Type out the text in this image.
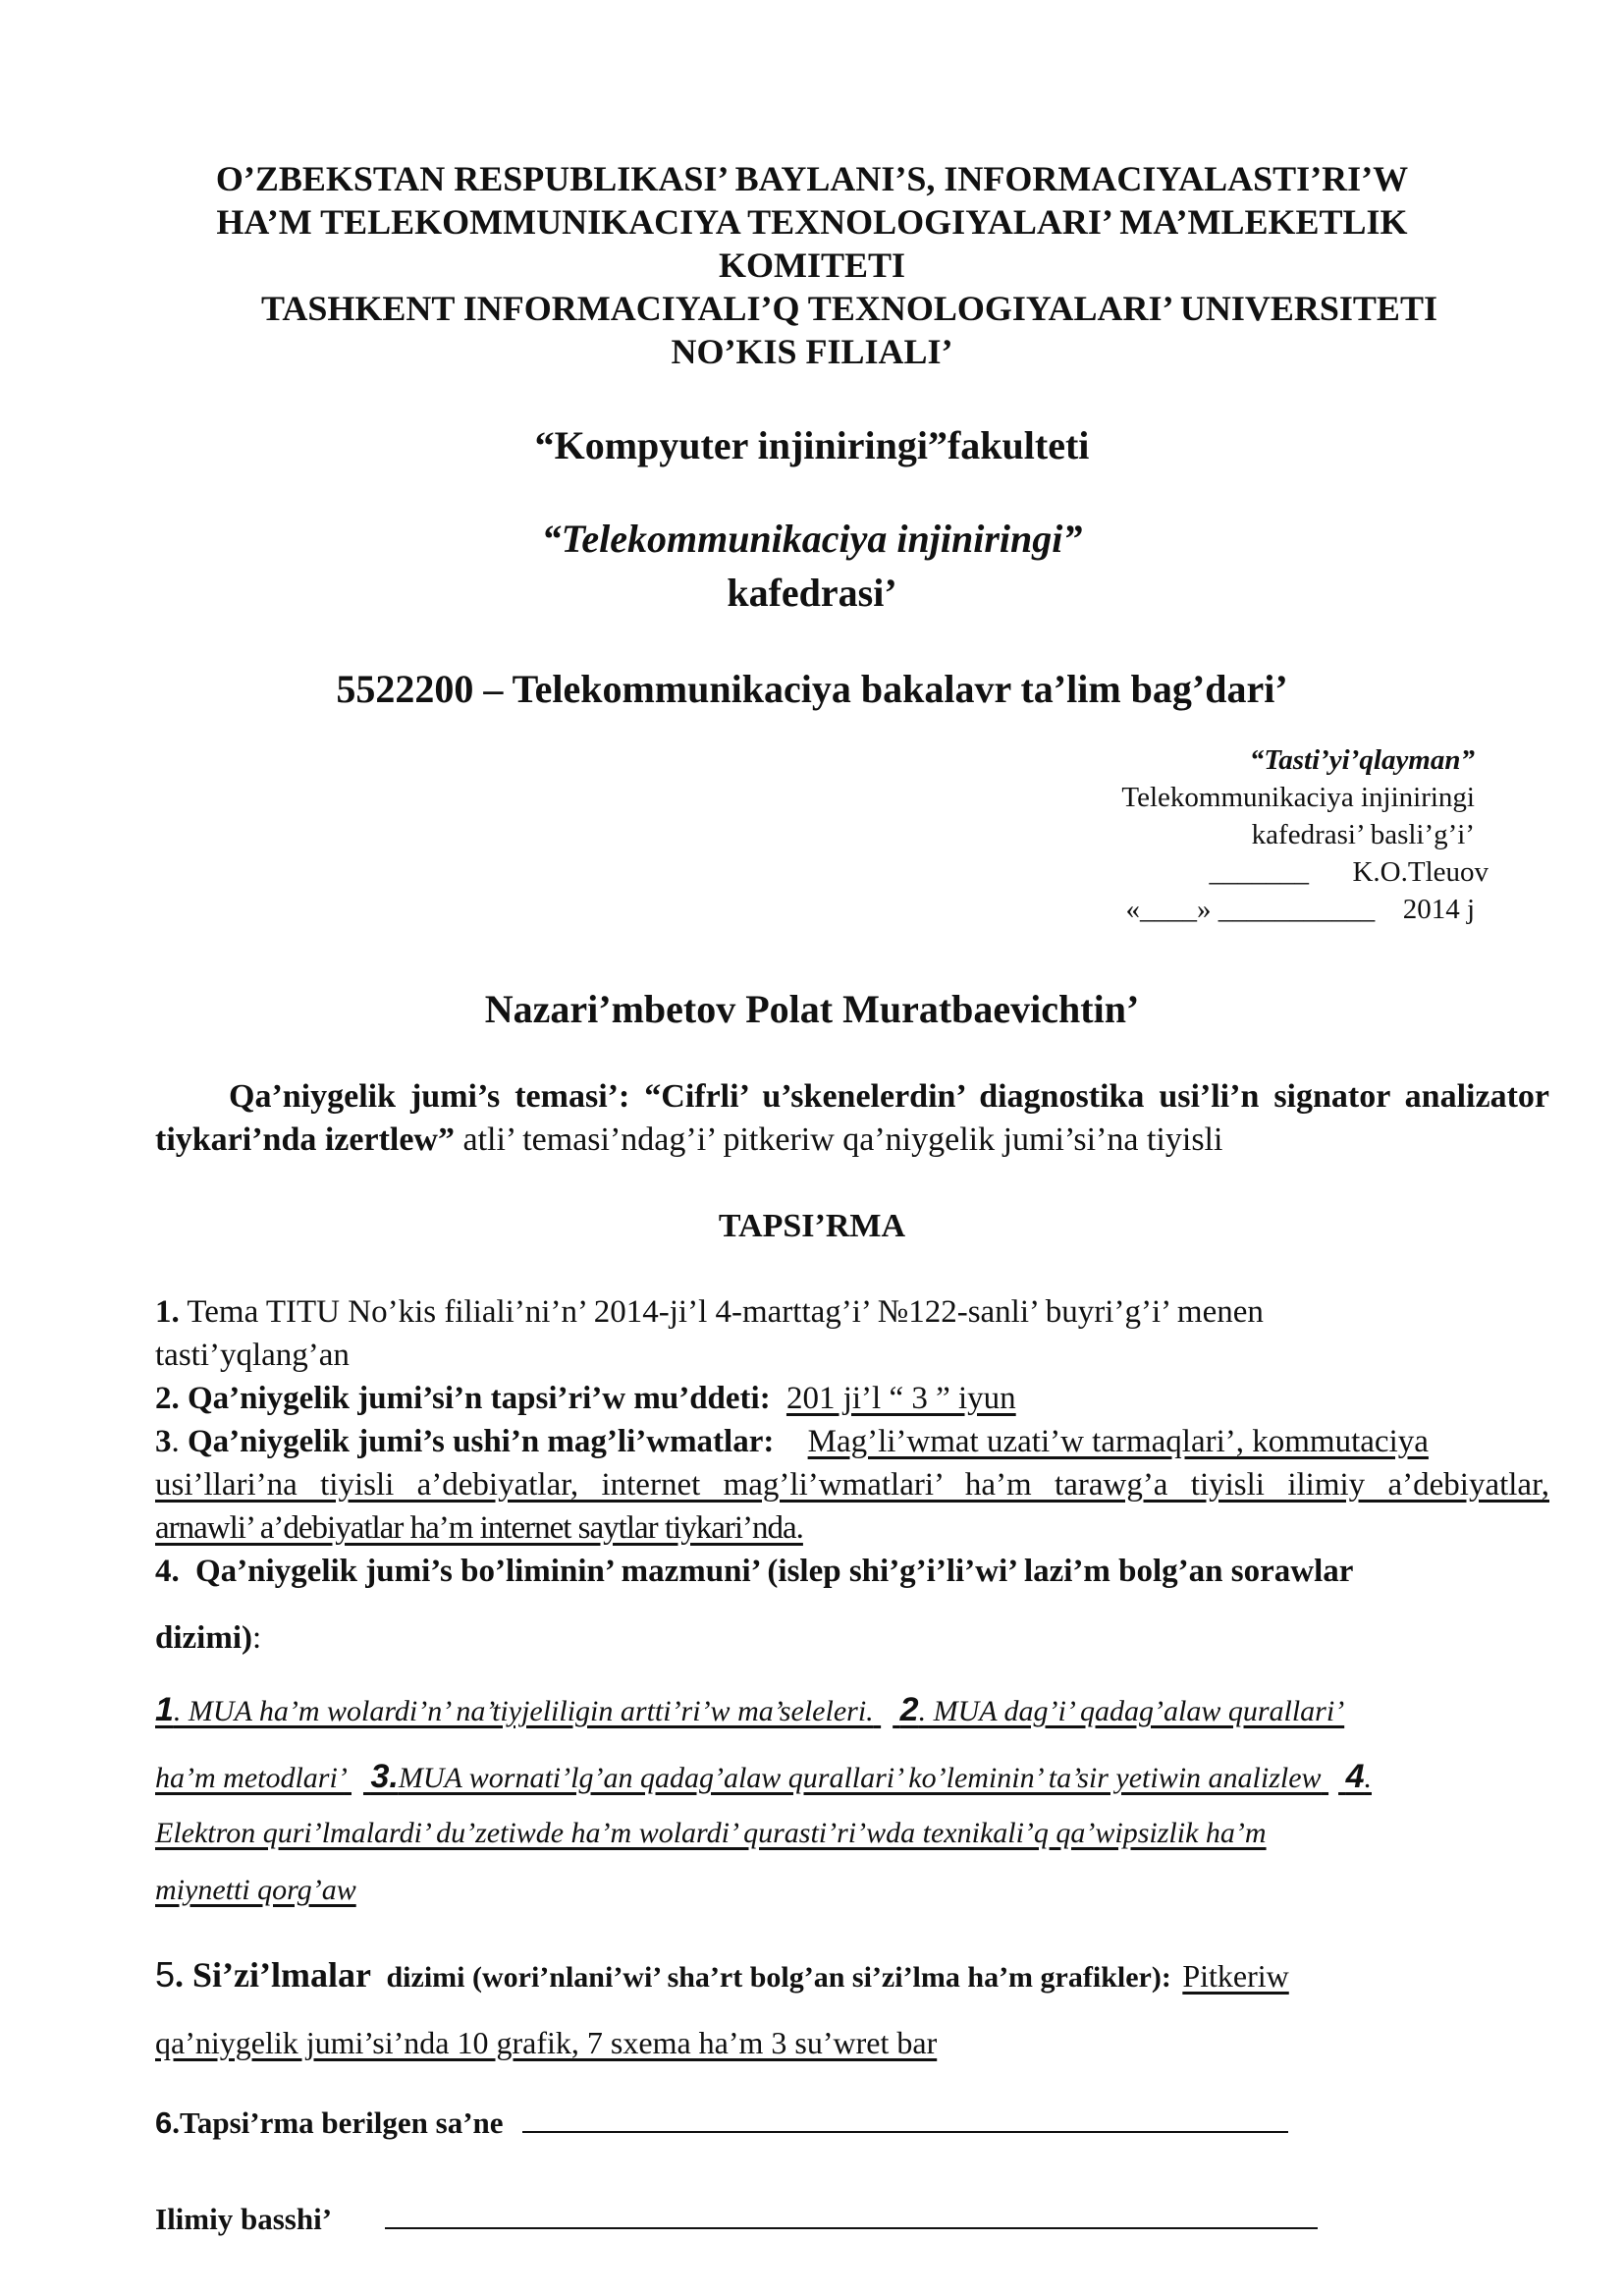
O’ZBEKSTAN RESPUBLIKASI’ BAYLANI’S, INFORMACIYALASTI’RI’W
HA’M TELEKOMMUNIKACIYA TEXNOLOGIYALARI’ MA’MLEKETLIK
KOMITETI
TASHKENT INFORMACIYALI’Q TEXNOLOGIYALARI’ UNIVERSITETI
NO’KIS FILIALI’
“Kompyuter injiniringi”fakulteti
“Telekommunikaciya injiniringi”
kafedrasi’
5522200 – Telekommunikaciya bakalavr ta’lim bag’dari’
“Tasti’yi’qlayman”
Telekommunikaciya injiniringi
kafedrasi’ basli’g’i’
_______ K.O.Tleuov
«____» ___________ 2014 j
Nazari’mbetov Polat Muratbaevichtin’
Qa’niygelik jumi’s temasi’: “Cifrli’ u’skenelerdin’ diagnostika usi’li’n signator analizator tiykari’nda izertlew” atli’ temasi’ndag’i’ pitkeriw qa’niygelik jumi’si’na tiyisli
TAPSI’RMA
1. Tema TITU No’kis filiali’ni’n’ 2014-ji’l 4-marttag’i’ №122-sanli’ buyri’g’i’ menen
tasti’yqlang’an
2. Qa’niygelik jumi’si’n tapsi’ri’w mu’ddeti: 201 ji’l “ 3 ” iyun
3. Qa’niygelik jumi’s ushi’n mag’li’wmatlar: Mag’li’wmat uzati’w tarmaqlari’, kommutaciya
usi’llari’na tiyisli a’debiyatlar, internet mag’li’wmatlari’ ha’m tarawg’a tiyisli ilimiy a’debiyatlar,
arnawli’ a’debiyatlar ha’m internet saytlar tiykari’nda.
4. Qa’niygelik jumi’s bo’liminin’ mazmuni’ (islep shi’g’i’li’wi’ lazi’m bolg’an sorawlar
dizimi):
1. MUA ha’m wolardi’n’ na’tiyjeliligin artti’ri’w ma’seleleri. 2. MUA dag’i’ qadag’alaw qurallari’
ha’m metodlari’ 3.MUA wornati’lg’an qadag’alaw qurallari’ ko’leminin’ ta’sir yetiwin analizlew 4.
Elektron quri’lmalardi’ du’zetiwde ha’m wolardi’ qurasti’ri’wda texnikali’q qa’wipsizlik ha’m
miynetti qorg’aw
5. Si’zi’lmalar dizimi (wori’nlani’wi’ sha’rt bolg’an si’zi’lma ha’m grafikler): Pitkeriw
qa’niygelik jumi’si’nda 10 grafik, 7 sxema ha’m 3 su’wret bar
6.Tapsi’rma berilgen sa’ne
Ilimiy basshi’
